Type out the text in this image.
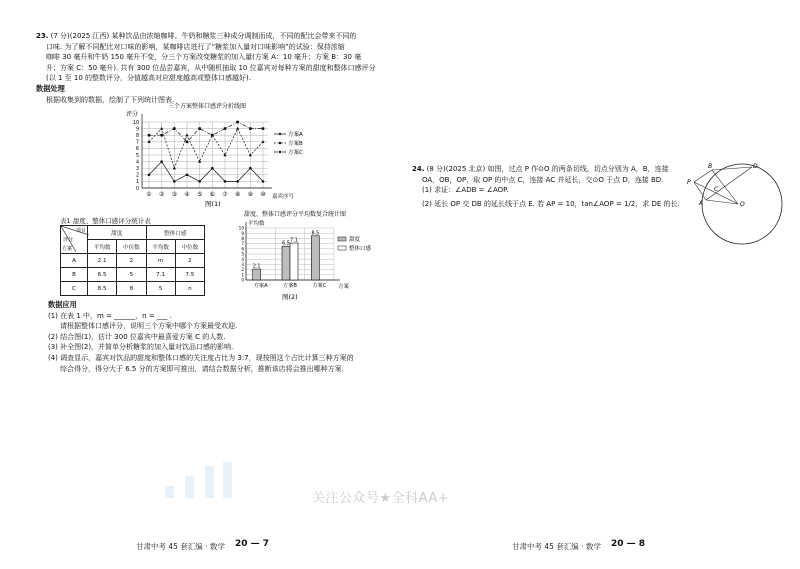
23. (7 分)(2025 江西) 某种饮品由浓缩咖啡、牛奶和糖浆三种成分调制而成，不同的配比会带来不同的

口味. 为了解不同配比对口味的影响，某咖啡店进行了“糖浆加入量对口味影响”的试验：保持浓缩

咖啡 30 毫升和牛奶 150 毫升不变，分三个方案改变糖浆的加入量(方案 A：10 毫升；方案 B：30 毫

升；方案 C：50 毫升). 共有 300 位品尝嘉宾，从中随机抽取 10 位嘉宾对每种方案的甜度和整体口感评分

(以 1 至 10 的整数评分，分值越高对应甜度越高或整体口感越好).

数据处理

根据收集到的数据，绘制了下列统计图表.

三个方案整体口感评分折线图
评分
0
1
2
3
4
5
6
7
8
9
10
① ② ③ ④ ⑤ ⑥ ⑦ ⑧ ⑨ ⑩
方案A
方案B
方案C
嘉宾序号
图(1)
表1 甜度、整体口感评分统计表
项目
评分
方案	甜度		整体口感	
	平均数	中位数	平均数	中位数
A	2.1	2	m	2
B	6.5	5	7.1	7.5
C	8.5	8	5	n
甜度、整体口感评分平均数复合统计图
平均数
0
1
2
3
4
5
6
7
8
9
10
2.1
6.5
7.1
8.5
方案A	方案B	方案C
甜度
整体口感
方案
图(2)

数据应用

(1) 在表 1 中，m = ______，n = ___ .

请根据整体口感评分，说明三个方案中哪个方案最受欢迎.

(2) 结合图(1)，估计 300 位嘉宾中最喜爱方案 C 的人数.

(3) 补全图(2)，并简单分析糖浆的加入量对饮品口感的影响.

(4) 调查显示，嘉宾对饮品的甜度和整体口感的关注度占比为 3:7，现按照这个占比计算三种方案的

综合得分，得分大于 6.5 分的方案即可推出，请结合数据分析，推断该店将会推出哪种方案.

24. (8 分)(2025 北京) 如图，过点 P 作⊙O 的两条切线，切点分别为 A，B，连接

OA，OB，OP，取 OP 的中点 C，连接 AC 并延长，交⊙O 于点 D，连接 BD.

(1) 求证：∠ADB = ∠AOP.

(2) 延长 OP 交 DB 的延长线于点 E. 若 AP = 10，tan∠AOP = 1/2，求 DE 的长.

B
P
C
D
A	O
关注公众号★全科AA+
甘肃中考 45 套汇编 · 数学 20 — 7	甘肃中考 45 套汇编 · 数学 20 — 8
